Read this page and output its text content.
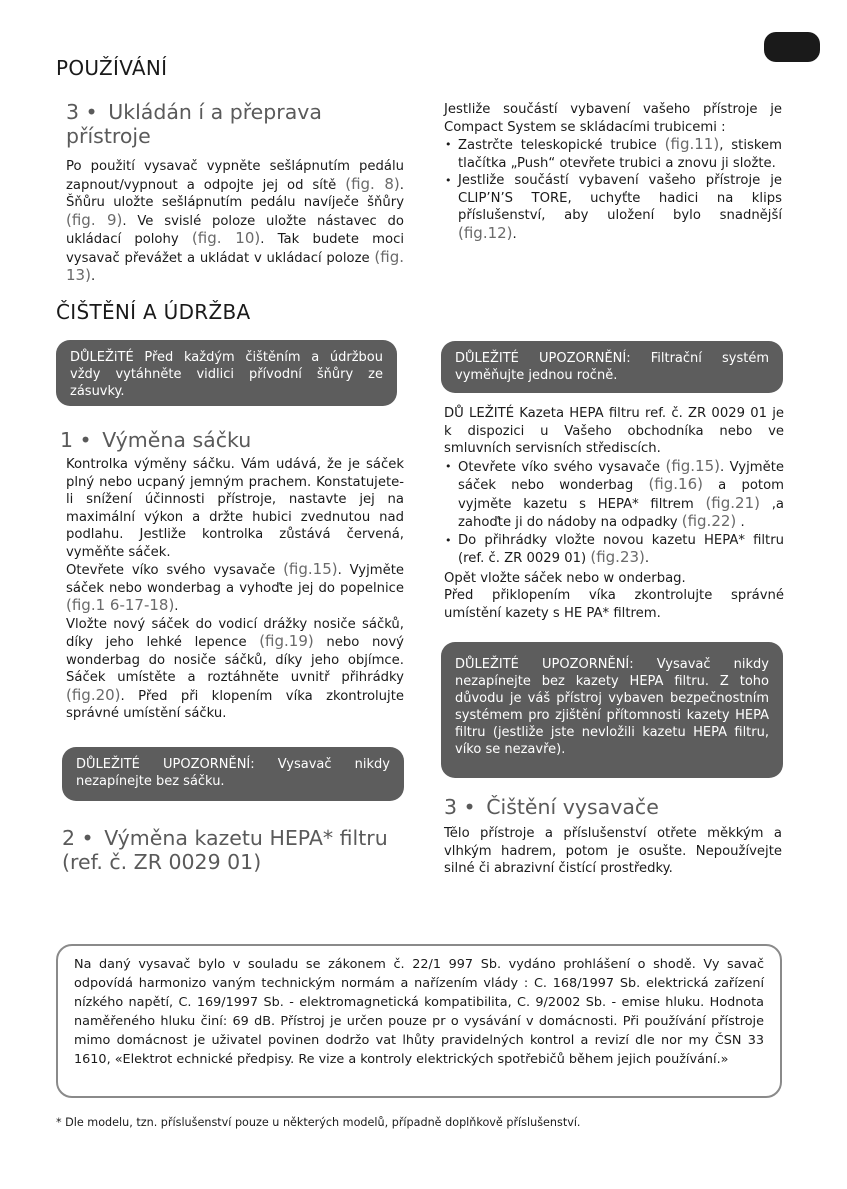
POUŽÍVÁNÍ
3 • Ukládán í a přeprava přístroje

Po použití vysavač vypněte sešlápnutím pedálu zapnout/vypnout a odpojte jej od sítě (fig. 8). Šňůru uložte sešlápnutím pedálu navíječe šňůry (fig. 9). Ve svislé poloze uložte nástavec do ukládací polohy (fig. 10). Tak budete moci vysavač převážet a ukládat v ukládací poloze (fig. 13).

Jestliže součástí vybavení vašeho přístroje je Compact System se skládacími trubicemi :

• Zastrčte teleskopické trubice (fig.11), stiskem tlačítka „Push“ otevřete trubici a znovu ji složte.
• Jestliže součástí vybavení vašeho přístroje je CLIP’N’S TORE, uchyťte hadici na klips příslušenství, aby uložení bylo snadnější (fig.12).
ČIŠTĚNÍ A ÚDRŽBA
DŮLEŽiTÉ Před každým čištěním a údržbou vždy vytáhněte vidlici přívodní šňůry ze zásuvky.
1 • Výměna sáčku

Kontrolka výměny sáčku. Vám udává, že je sáček plný nebo ucpaný jemným prachem. Konstatujete-li snížení účinnosti přístroje, nastavte jej na maximální výkon a držte hubici zvednutou nad podlahu. Jestliže kontrolka zůstává červená, vyměňte sáček.
Otevřete víko svého vysavače (fig.15). Vyjměte sáček nebo wonderbag a vyhoďte jej do popelnice (fig.1 6-17-18).
Vložte nový sáček do vodicí drážky nosiče sáčků, díky jeho lehké lepence (fig.19) nebo nový wonderbag do nosiče sáčků, díky jeho objímce. Sáček umístěte a roztáhněte uvnitř přihrádky (fig.20). Před při klopením víka zkontrolujte správné umístění sáčku.

DŮLEŽITÉ UPOZORNĚNÍ: Vysavač nikdy nezapínejte bez sáčku.
2 • Výměna kazetu HEPA* filtru
(ref. č. ZR 0029 01)
DŮLEŽITÉ UPOZORNĚNÍ: Filtrační systém vyměňujte jednou ročně.

DŮ LEŽITÉ Kazeta HEPA filtru ref. č. ZR 0029 01 je k dispozici u Vašeho obchodníka nebo ve smluvních servisních střediscích.

• Otevřete víko svého vysavače (fig.15). Vyjměte sáček nebo wonderbag (fig.16) a potom vyjměte kazetu s HEPA* filtrem (fig.21) ,a zahoďte ji do nádoby na odpadky (fig.22) .
• Do přihrádky vložte novou kazetu HEPA* filtru (ref. č. ZR 0029 01) (fig.23).

Opět vložte sáček nebo w onderbag.

Před přiklopením víka zkontrolujte správné umístění kazety s HE PA* filtrem.

DŮLEŽITÉ UPOZORNĚNÍ: Vysavač nikdy nezapínejte bez kazety HEPA filtru. Z toho důvodu je váš přístroj vybaven bezpečnostním systémem pro zjištění přítomnosti kazety HEPA filtru (jestliže jste nevložili kazetu HEPA filtru, víko se nezavře).
3 • Čištění vysavače

Tělo přístroje a příslušenství otřete měkkým a vlhkým hadrem, potom je osušte. Nepoužívejte silné či abrazivní čistící prostředky.

Na daný vysavač bylo v souladu se zákonem č. 22/1 997 Sb. vydáno prohlášení o shodě. Vy savač odpovídá harmonizo vaným technickým normám a nařízením vlády : C. 168/1997 Sb. elektrická zařízení nízkého napětí, C. 169/1997 Sb. - elektromagnetická kompatibilita, C. 9/2002 Sb. - emise hluku. Hodnota naměřeného hluku činí: 69 dB. Přístroj je určen pouze pr o vysávání v domácnosti. Při používání přístroje mimo domácnost je uživatel povinen dodržo vat lhůty pravidelných kontrol a revizí dle nor my ČSN 33 1610, «Elektrot echnické předpisy. Re vize a kontroly elektrických spotřebičů během jejich používání.»

* Dle modelu, tzn. příslušenství pouze u některých modelů, případně doplňkově příslušenství.
